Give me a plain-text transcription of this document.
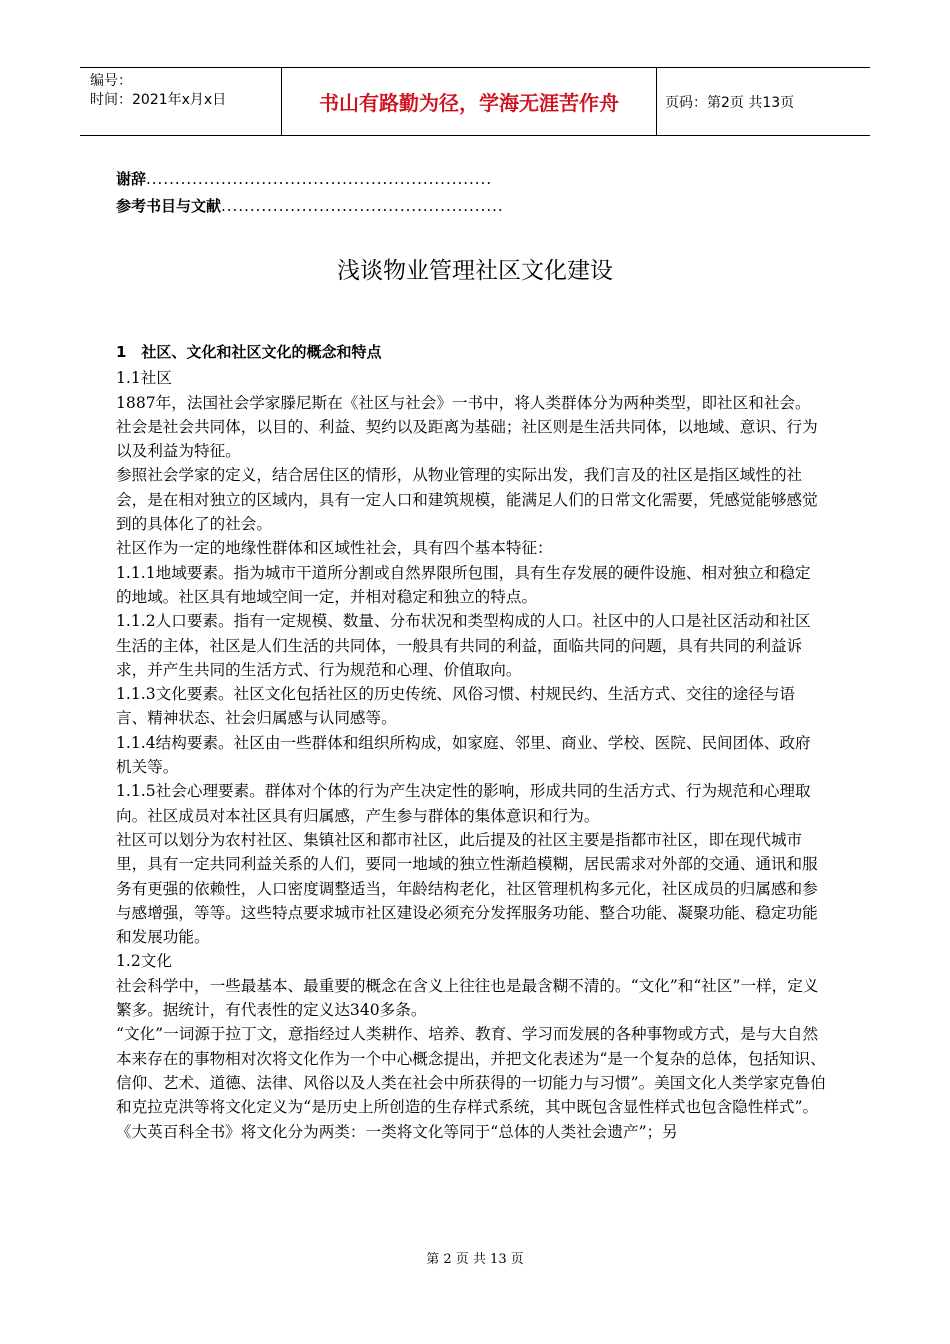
编号：
时间：2021年x月x日	书山有路勤为径，学海无涯苦作舟	页码：第2页 共13页
谢辞............................................................
参考书目与文献.................................................
浅谈物业管理社区文化建设

1　社区、文化和社区文化的概念和特点

1.1社区

1887年，法国社会学家滕尼斯在《社区与社会》一书中，将人类群体分为两种类型，即社区和社会。社会是社会共同体，以目的、利益、契约以及距离为基础；社区则是生活共同体，以地域、意识、行为以及利益为特征。

参照社会学家的定义，结合居住区的情形，从物业管理的实际出发，我们言及的社区是指区域性的社会，是在相对独立的区域内，具有一定人口和建筑规模，能满足人们的日常文化需要，凭感觉能够感觉到的具体化了的社会。

社区作为一定的地缘性群体和区域性社会，具有四个基本特征：

1.1.1地域要素。指为城市干道所分割或自然界限所包围，具有生存发展的硬件设施、相对独立和稳定的地域。社区具有地域空间一定，并相对稳定和独立的特点。

1.1.2人口要素。指有一定规模、数量、分布状况和类型构成的人口。社区中的人口是社区活动和社区生活的主体，社区是人们生活的共同体，一般具有共同的利益，面临共同的问题，具有共同的利益诉求，并产生共同的生活方式、行为规范和心理、价值取向。

1.1.3文化要素。社区文化包括社区的历史传统、风俗习惯、村规民约、生活方式、交往的途径与语言、精神状态、社会归属感与认同感等。

1.1.4结构要素。社区由一些群体和组织所构成，如家庭、邻里、商业、学校、医院、民间团体、政府机关等。

1.1.5社会心理要素。群体对个体的行为产生决定性的影响，形成共同的生活方式、行为规范和心理取向。社区成员对本社区具有归属感，产生参与群体的集体意识和行为。

社区可以划分为农村社区、集镇社区和都市社区，此后提及的社区主要是指都市社区，即在现代城市里，具有一定共同利益关系的人们，要同一地域的独立性渐趋模糊，居民需求对外部的交通、通讯和服务有更强的依赖性，人口密度调整适当，年龄结构老化，社区管理机构多元化，社区成员的归属感和参与感增强，等等。这些特点要求城市社区建设必须充分发挥服务功能、整合功能、凝聚功能、稳定功能和发展功能。

1.2文化

社会科学中，一些最基本、最重要的概念在含义上往往也是最含糊不清的。“文化”和“社区”一样，定义繁多。据统计，有代表性的定义达340多条。

“文化”一词源于拉丁文，意指经过人类耕作、培养、教育、学习而发展的各种事物或方式，是与大自然本来存在的事物相对次将文化作为一个中心概念提出，并把文化表述为“是一个复杂的总体，包括知识、信仰、艺术、道德、法律、风俗以及人类在社会中所获得的一切能力与习惯”。美国文化人类学家克鲁伯和克拉克洪等将文化定义为“是历史上所创造的生存样式系统，其中既包含显性样式也包含隐性样式”。

《大英百科全书》将文化分为两类：一类将文化等同于“总体的人类社会遗产”；另

第 2 页 共 13 页
